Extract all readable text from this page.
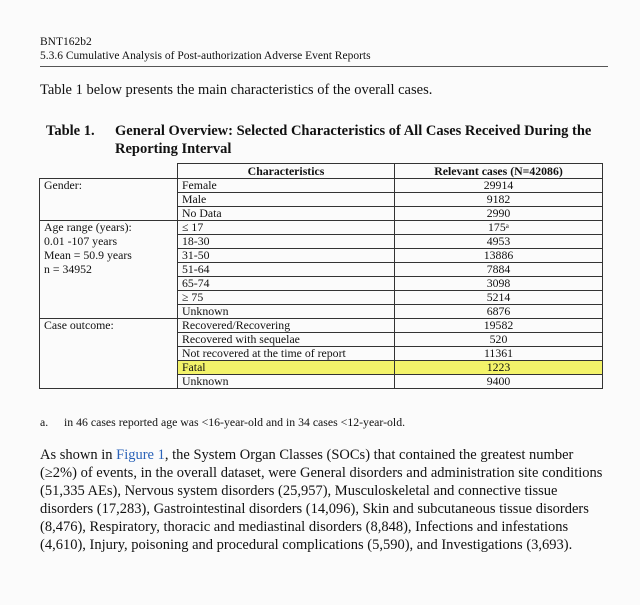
BNT162b2
5.3.6 Cumulative Analysis of Post-authorization Adverse Event Reports
Table 1 below presents the main characteristics of the overall cases.
Table 1. General Overview: Selected Characteristics of All Cases Received During the Reporting Interval
	Characteristics	Relevant cases (N=42086)

Gender:	Female	29914
	Male	9182
	No Data	2990

Age range (years):	≤ 17	175ᵃ

0.01 -107 years	18-30	4953

Mean = 50.9 years	31-50	13886

n = 34952	51-64	7884
	65-74	3098
	≥ 75	5214
	Unknown	6876

Case outcome:	Recovered/Recovering	19582
	Recovered with sequelae	520
	Not recovered at the time of report	11361
	Fatal	1223
	Unknown	9400
a. in 46 cases reported age was <16-year-old and in 34 cases <12-year-old.
As shown in Figure 1, the System Organ Classes (SOCs) that contained the greatest number (≥2%) of events, in the overall dataset, were General disorders and administration site conditions (51,335 AEs), Nervous system disorders (25,957), Musculoskeletal and connective tissue disorders (17,283), Gastrointestinal disorders (14,096), Skin and subcutaneous tissue disorders (8,476), Respiratory, thoracic and mediastinal disorders (8,848), Infections and infestations (4,610), Injury, poisoning and procedural complications (5,590), and Investigations (3,693).
